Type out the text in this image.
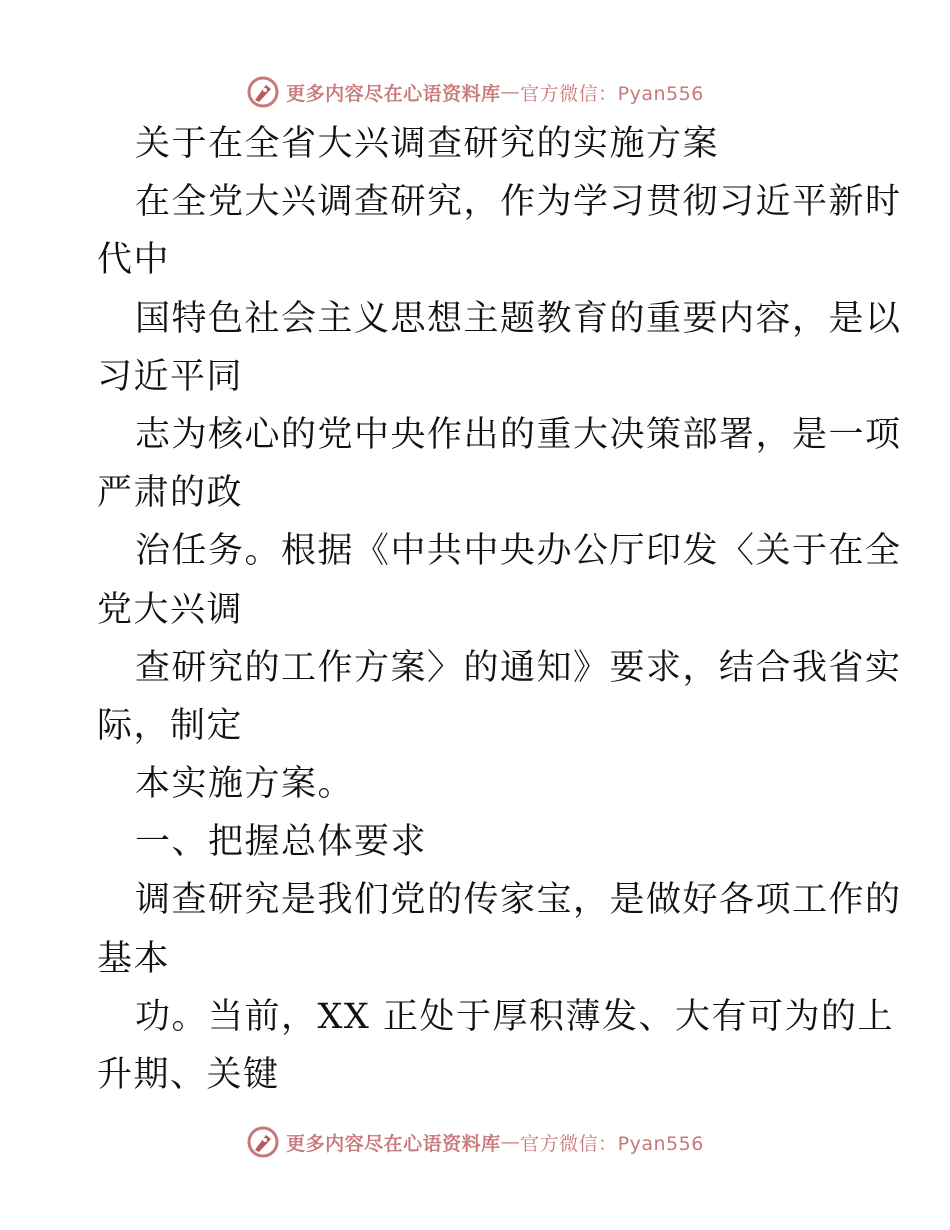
更多内容尽在心语资料库 — 官方微信：Pyan556
关于在全省大兴调查研究的实施方案
在全党大兴调查研究，作为学习贯彻习近平新时
代中
国特色社会主义思想主题教育的重要内容，是以
习近平同
志为核心的党中央作出的重大决策部署，是一项
严肃的政
治任务。根据《中共中央办公厅印发〈关于在全
党大兴调
查研究的工作方案〉的通知》要求，结合我省实
际，制定
本实施方案。
一、把握总体要求
调查研究是我们党的传家宝，是做好各项工作的
基本
功。当前，XX 正处于厚积薄发、大有可为的上
升期、关键
更多内容尽在心语资料库 — 官方微信：Pyan556
